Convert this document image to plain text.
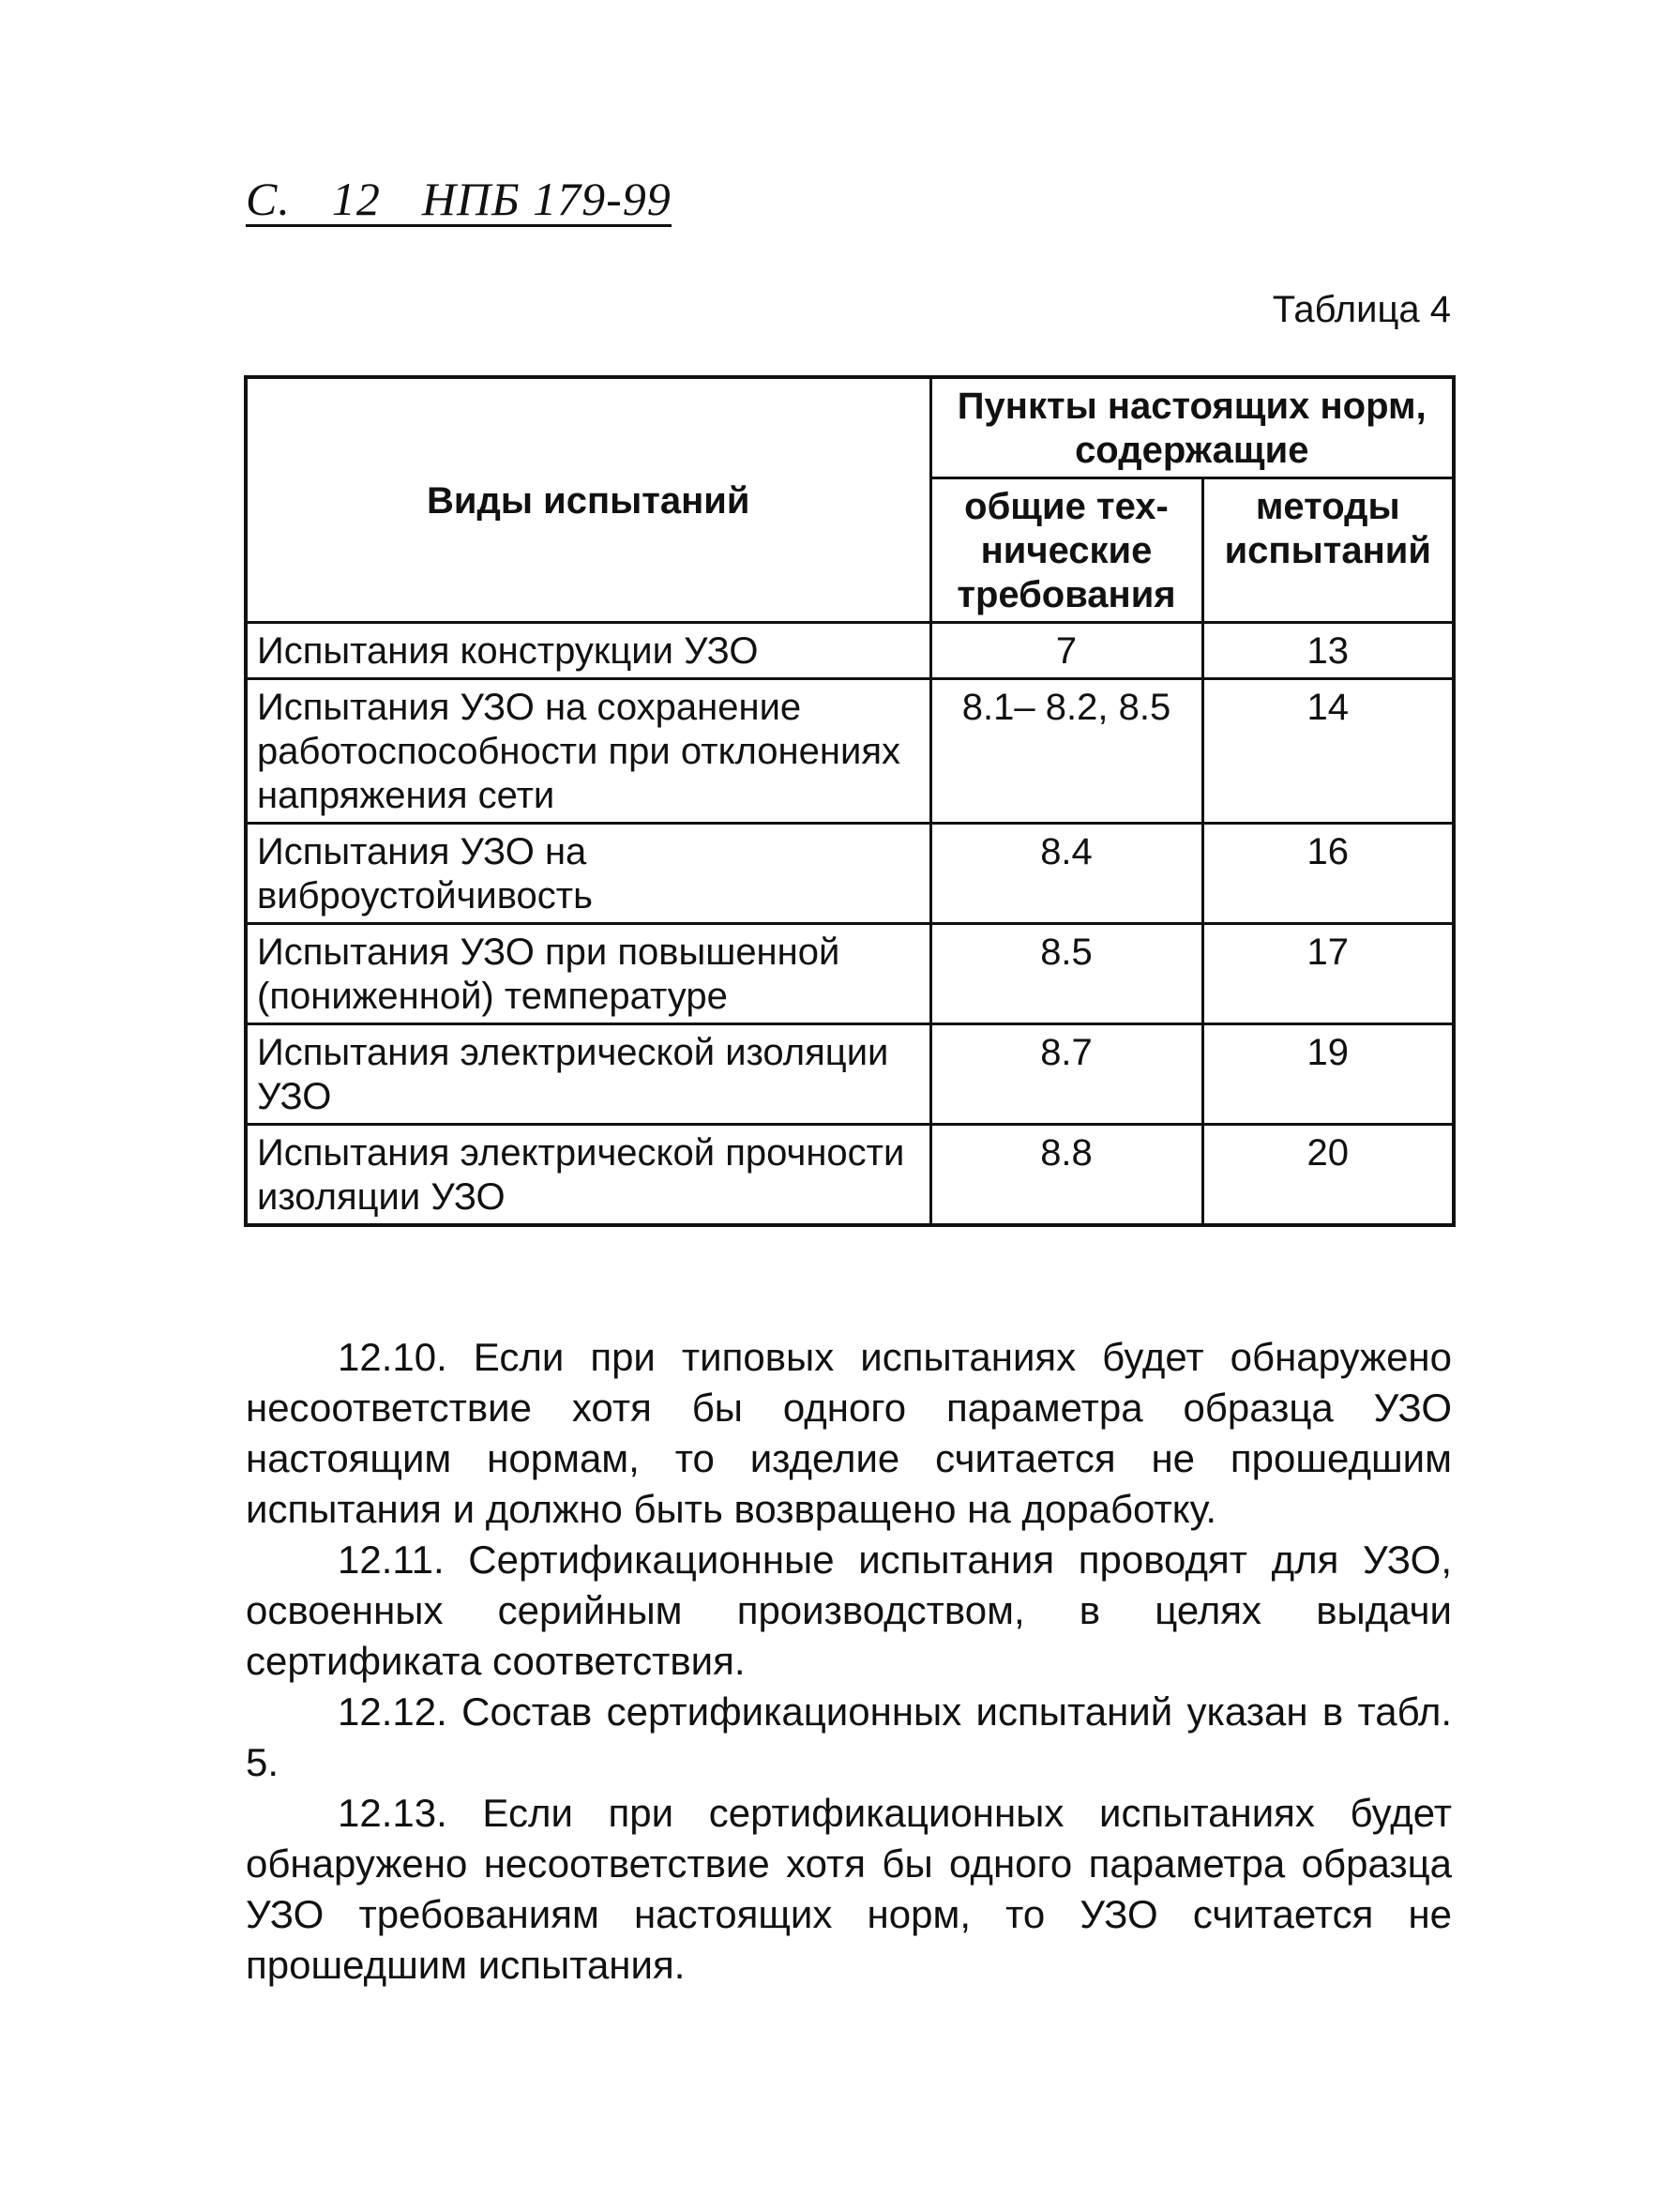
С. 12 НПБ 179-99
Таблица 4
Виды испытаний	Пункты настоящих норм, содержащие	
	общие тех-нические требования	методы испытаний
Испытания конструкции УЗО	7	13
Испытания УЗО на сохранение работоспособности при отклонениях напряжения сети	8.1– 8.2, 8.5	14
Испытания УЗО на виброустойчивость	8.4	16
Испытания УЗО при повышенной (пониженной) температуре	8.5	17
Испытания электрической изоляции УЗО	8.7	19
Испытания электрической прочности изоляции УЗО	8.8	20

12.10. Если при типовых испытаниях будет обнаружено несоответствие хотя бы одного параметра образца УЗО настоящим нормам, то изделие считается не прошедшим испытания и должно быть возвращено на доработку.

12.11. Сертификационные испытания проводят для УЗО, освоенных серийным производством, в целях выдачи сертификата соответствия.

12.12. Состав сертификационных испытаний указан в табл. 5.

12.13. Если при сертификационных испытаниях будет обнаружено несоответствие хотя бы одного параметра образца УЗО требованиям настоящих норм, то УЗО считается не прошедшим испытания.
